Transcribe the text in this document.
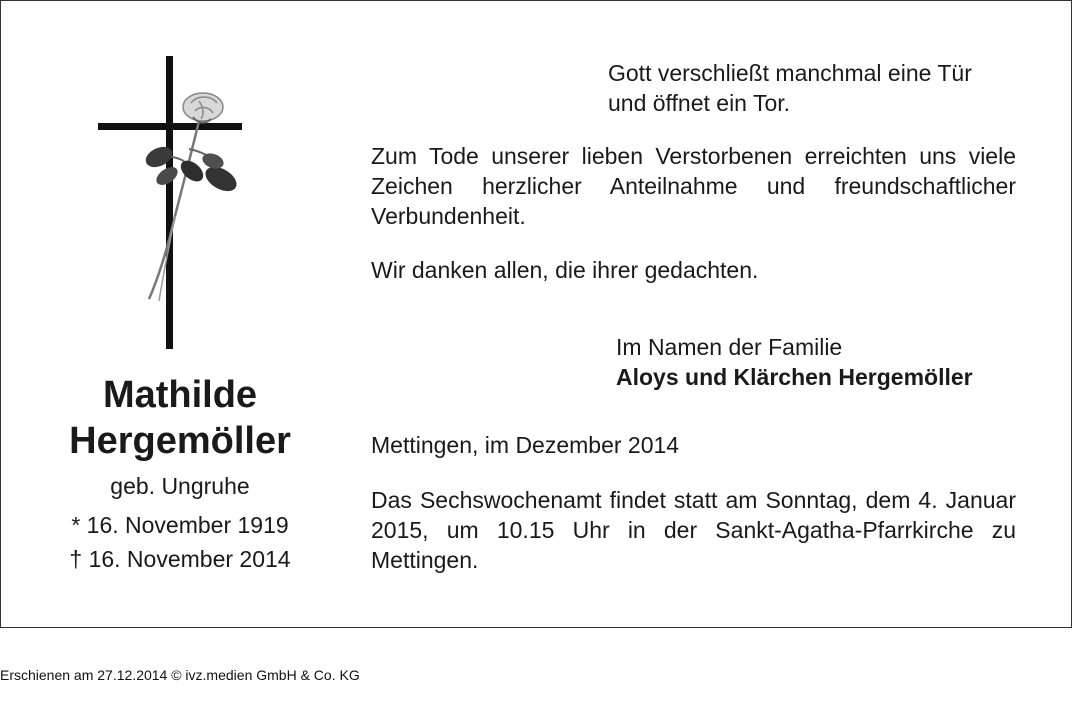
Mathilde
Hergemöller
geb. Ungruhe
* 16. November 1919
† 16. November 2014
Gott verschließt manchmal eine Tür
und öffnet ein Tor.
Zum Tode unserer lieben Verstorbenen erreichten uns viele Zeichen herzlicher Anteilnahme und freundschaftlicher Verbundenheit.
Wir danken allen, die ihrer gedachten.
Im Namen der Familie
Aloys und Klärchen Hergemöller
Mettingen, im Dezember 2014
Das Sechswochenamt findet statt am Sonntag, dem 4. Januar 2015, um 10.15 Uhr in der Sankt-Agatha-Pfarrkirche zu Mettingen.
Erschienen am 27.12.2014 © ivz.medien GmbH & Co. KG
